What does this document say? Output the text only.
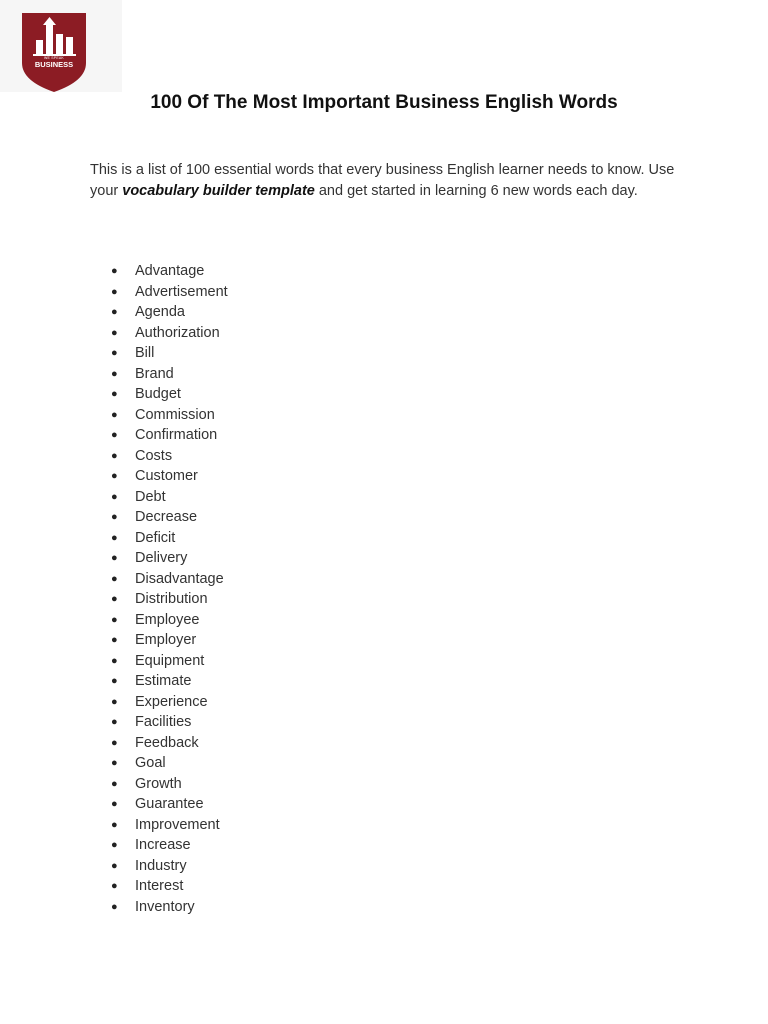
WE SPEAK
BUSINESS
100 Of The Most Important Business English Words

This is a list of 100 essential words that every business English learner needs to know. Use your vocabulary builder template and get started in learning 6 new words each day.

● Advantage
● Advertisement
● Agenda
● Authorization
● Bill
● Brand
● Budget
● Commission
● Confirmation
● Costs
● Customer
● Debt
● Decrease
● Deficit
● Delivery
● Disadvantage
● Distribution
● Employee
● Employer
● Equipment
● Estimate
● Experience
● Facilities
● Feedback
● Goal
● Growth
● Guarantee
● Improvement
● Increase
● Industry
● Interest
● Inventory
